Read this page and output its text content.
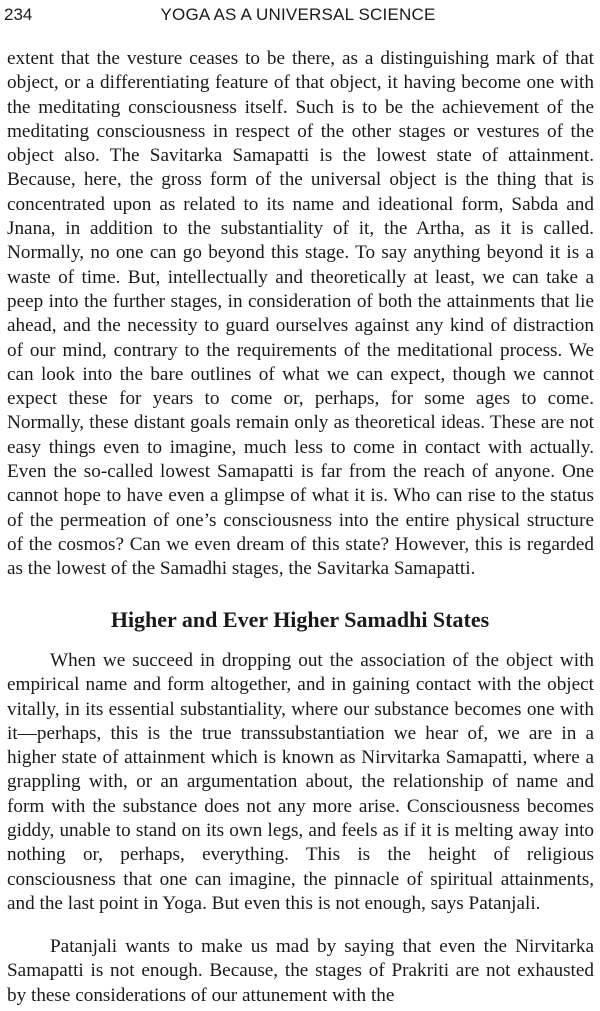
234	YOGA AS A UNIVERSAL SCIENCE

extent that the vesture ceases to be there, as a distinguishing mark of that object, or a differentiating feature of that object, it having become one with the meditating consciousness itself. Such is to be the achievement of the meditating consciousness in respect of the other stages or vestures of the object also. The Savitarka Samapatti is the lowest state of attainment. Because, here, the gross form of the universal object is the thing that is concentrated upon as related to its name and ideational form, Sabda and Jnana, in addition to the substantiality of it, the Artha, as it is called. Normally, no one can go beyond this stage. To say anything beyond it is a waste of time. But, intellectually and theoretically at least, we can take a peep into the further stages, in consideration of both the attainments that lie ahead, and the necessity to guard ourselves against any kind of distraction of our mind, contrary to the requirements of the meditational process. We can look into the bare outlines of what we can expect, though we cannot expect these for years to come or, perhaps, for some ages to come. Normally, these distant goals remain only as theoretical ideas. These are not easy things even to imagine, much less to come in contact with actually. Even the so-called lowest Samapatti is far from the reach of anyone. One cannot hope to have even a glimpse of what it is. Who can rise to the status of the permeation of one’s consciousness into the entire physical structure of the cosmos? Can we even dream of this state? However, this is regarded as the lowest of the Samadhi stages, the Savitarka Samapatti.

Higher and Ever Higher Samadhi States

When we succeed in dropping out the association of the object with empirical name and form altogether, and in gaining contact with the object vitally, in its essential substantiality, where our substance becomes one with it—perhaps, this is the true transsubstantiation we hear of, we are in a higher state of attainment which is known as Nirvitarka Samapatti, where a grappling with, or an argumentation about, the relationship of name and form with the substance does not any more arise. Consciousness becomes giddy, unable to stand on its own legs, and feels as if it is melting away into nothing or, perhaps, everything. This is the height of religious consciousness that one can imagine, the pinnacle of spiritual attainments, and the last point in Yoga. But even this is not enough, says Patanjali.

Patanjali wants to make us mad by saying that even the Nirvitarka Samapatti is not enough. Because, the stages of Prakriti are not exhausted by these considerations of our attunement with the
